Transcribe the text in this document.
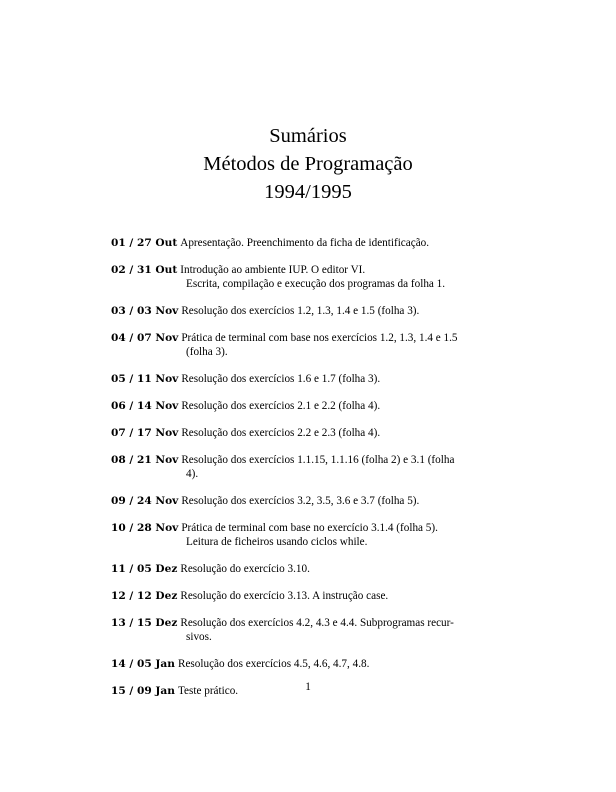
Sumários
Métodos de Programação
1994/1995
01 / 27 Out Apresentação. Preenchimento da ficha de identificação.
02 / 31 Out Introdução ao ambiente IUP. O editor VI.
Escrita, compilação e execução dos programas da folha 1.
03 / 03 Nov Resolução dos exercícios 1.2, 1.3, 1.4 e 1.5 (folha 3).
04 / 07 Nov Prática de terminal com base nos exercícios 1.2, 1.3, 1.4 e 1.5
(folha 3).
05 / 11 Nov Resolução dos exercícios 1.6 e 1.7 (folha 3).
06 / 14 Nov Resolução dos exercícios 2.1 e 2.2 (folha 4).
07 / 17 Nov Resolução dos exercícios 2.2 e 2.3 (folha 4).
08 / 21 Nov Resolução dos exercícios 1.1.15, 1.1.16 (folha 2) e 3.1 (folha
4).
09 / 24 Nov Resolução dos exercícios 3.2, 3.5, 3.6 e 3.7 (folha 5).
10 / 28 Nov Prática de terminal com base no exercício 3.1.4 (folha 5).
Leitura de ficheiros usando ciclos while.
11 / 05 Dez Resolução do exercício 3.10.
12 / 12 Dez Resolução do exercício 3.13. A instrução case.
13 / 15 Dez Resolução dos exercícios 4.2, 4.3 e 4.4. Subprogramas recur-
sivos.
14 / 05 Jan Resolução dos exercícios 4.5, 4.6, 4.7, 4.8.
15 / 09 Jan Teste prático.	1
